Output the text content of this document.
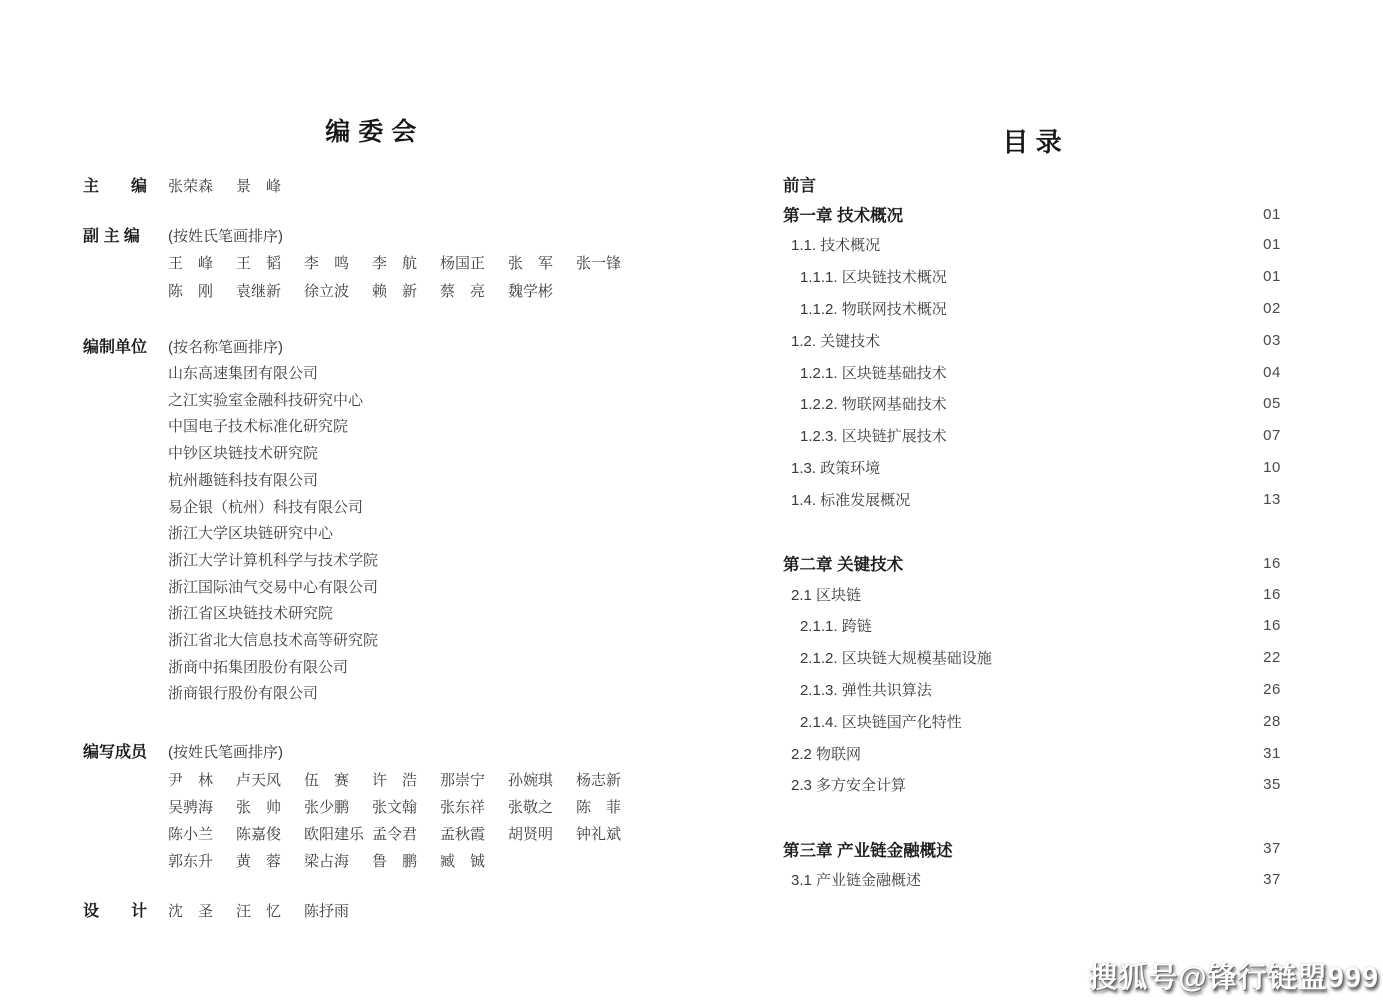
编 委 会
主　　编	张荣森	景　峰
副 主 编	(按姓氏笔画排序)
王　峰	王　韬	李　鸣	李　航	杨国正	张　军	张一锋
陈　刚	袁继新	徐立波	赖　新	蔡　亮	魏学彬
编制单位	(按名称笔画排序)
山东高速集团有限公司
之江实验室金融科技研究中心
中国电子技术标准化研究院
中钞区块链技术研究院
杭州趣链科技有限公司
易企银（杭州）科技有限公司
浙江大学区块链研究中心
浙江大学计算机科学与技术学院
浙江国际油气交易中心有限公司
浙江省区块链技术研究院
浙江省北大信息技术高等研究院
浙商中拓集团股份有限公司
浙商银行股份有限公司
编写成员	(按姓氏笔画排序)
尹　林	卢天风	伍　赛	许　浩	那崇宁	孙婉琪	杨志新
吴骋海	张　帅	张少鹏	张文翰	张东祥	张敬之	陈　菲
陈小兰	陈嘉俊	欧阳建乐 孟令君	孟秋霞	胡贤明	钟礼斌
郭东升	黄　蓉	梁占海	鲁　鹏	臧　铖
设　　计	沈　圣	汪　忆	陈抒雨
目 录
前言
第一章 技术概况	01
1.1. 技术概况	01
1.1.1. 区块链技术概况	01
1.1.2. 物联网技术概况	02
1.2. 关键技术	03
1.2.1. 区块链基础技术	04
1.2.2. 物联网基础技术	05
1.2.3. 区块链扩展技术	07
1.3. 政策环境	10
1.4. 标准发展概况	13
第二章 关键技术	16
2.1 区块链	16
2.1.1. 跨链	16
2.1.2. 区块链大规模基础设施	22
2.1.3. 弹性共识算法	26
2.1.4. 区块链国产化特性	28
2.2 物联网	31
2.3 多方安全计算	35
第三章 产业链金融概述	37
3.1 产业链金融概述	37
搜狐号@锋行链盟999
